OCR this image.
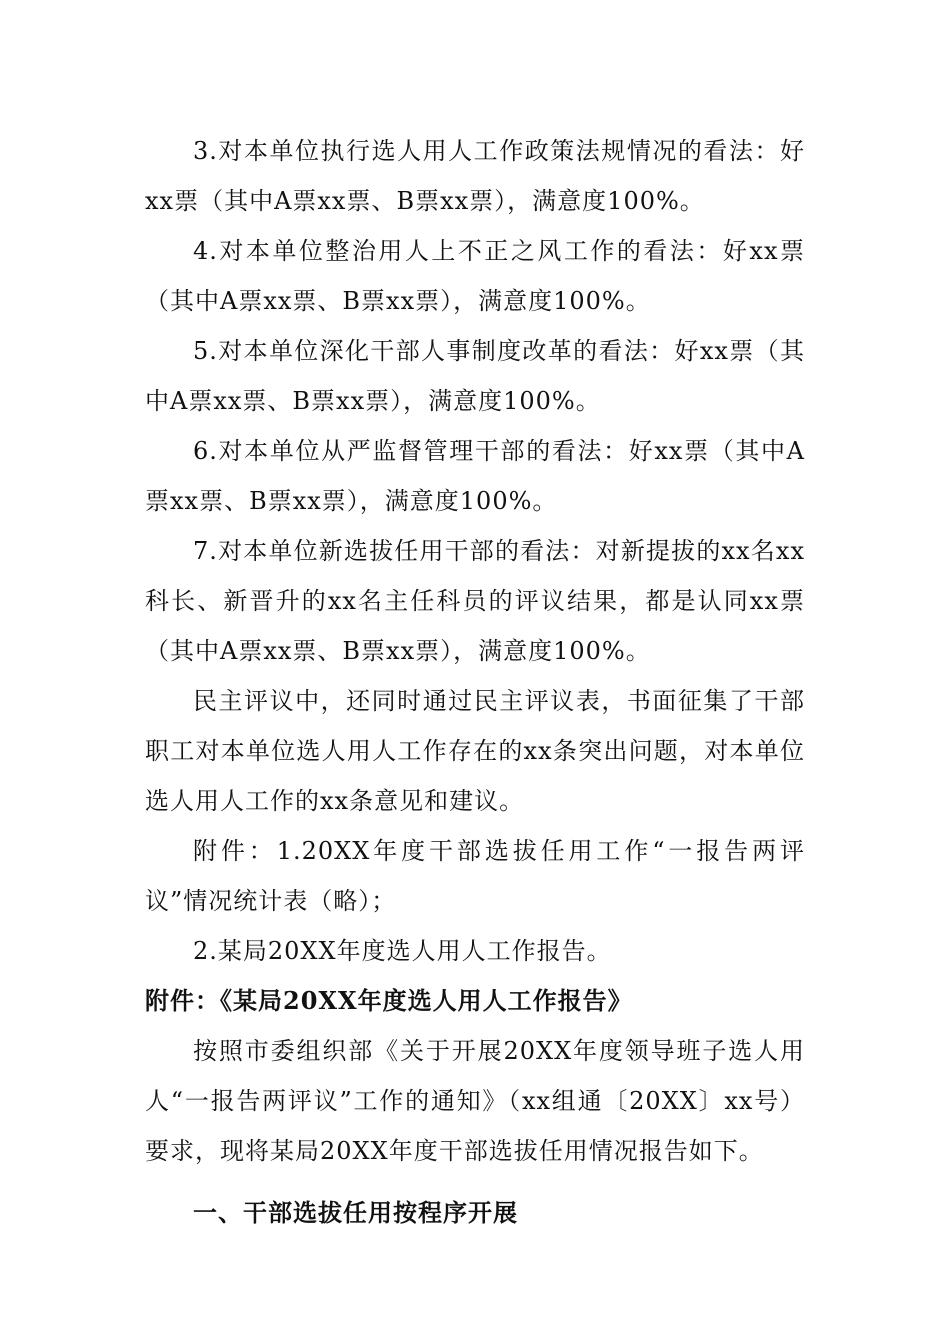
3.对本单位执行选人用人工作政策法规情况的看法：好xx票（其中A票xx票、B票xx票），满意度100%。

4.对本单位整治用人上不正之风工作的看法：好xx票（其中A票xx票、B票xx票），满意度100%。

5.对本单位深化干部人事制度改革的看法：好xx票（其中A票xx票、B票xx票），满意度100%。

6.对本单位从严监督管理干部的看法：好xx票（其中A票xx票、B票xx票），满意度100%。

7.对本单位新选拔任用干部的看法：对新提拔的xx名xx科长、新晋升的xx名主任科员的评议结果，都是认同xx票（其中A票xx票、B票xx票），满意度100%。

民主评议中，还同时通过民主评议表，书面征集了干部职工对本单位选人用人工作存在的xx条突出问题，对本单位选人用人工作的xx条意见和建议。

附件：1.20XX年度干部选拔任用工作“一报告两评议”情况统计表（略）；

2.某局20XX年度选人用人工作报告。

附件：《某局20XX年度选人用人工作报告》

按照市委组织部《关于开展20XX年度领导班子选人用人“一报告两评议”工作的通知》（xx组通〔20XX〕xx号）要求，现将某局20XX年度干部选拔任用情况报告如下。

一、干部选拔任用按程序开展
